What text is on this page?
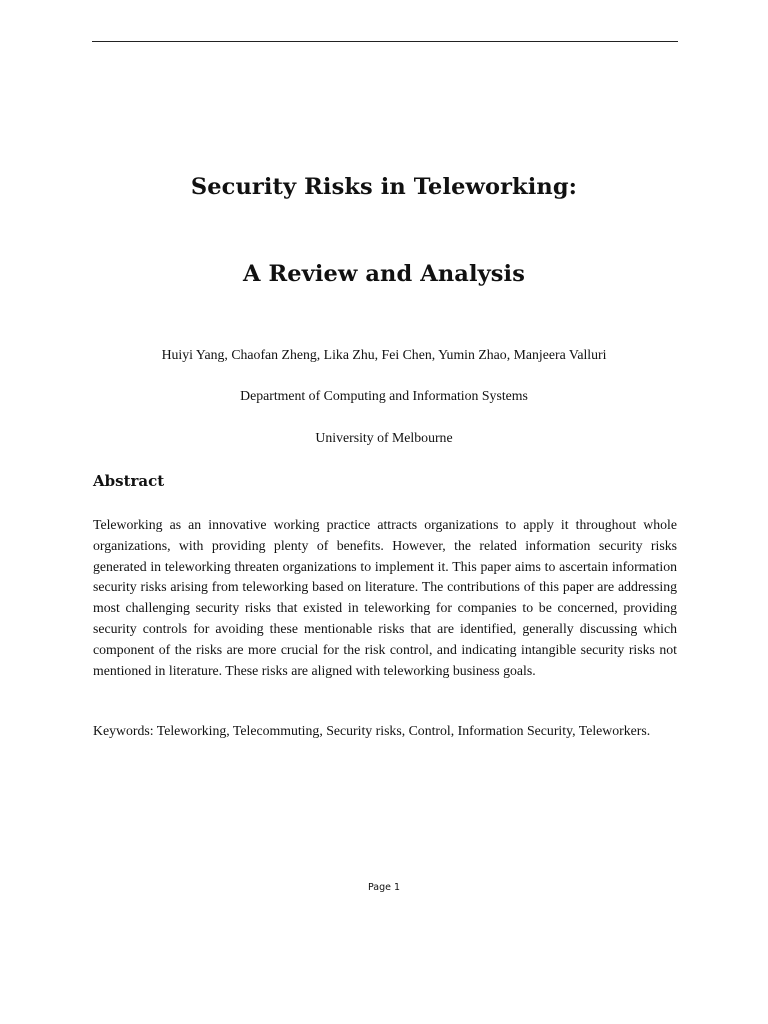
Security Risks in Teleworking:
A Review and Analysis
Huiyi Yang, Chaofan Zheng, Lika Zhu, Fei Chen, Yumin Zhao, Manjeera Valluri
Department of Computing and Information Systems
University of Melbourne
Abstract

Teleworking as an innovative working practice attracts organizations to apply it throughout whole organizations, with providing plenty of benefits. However, the related information security risks generated in teleworking threaten organizations to implement it. This paper aims to ascertain information security risks arising from teleworking based on literature. The contributions of this paper are addressing most challenging security risks that existed in teleworking for companies to be concerned, providing security controls for avoiding these mentionable risks that are identified, generally discussing which component of the risks are more crucial for the risk control, and indicating intangible security risks not mentioned in literature. These risks are aligned with teleworking business goals.

Keywords: Teleworking, Telecommuting, Security risks, Control, Information Security, Teleworkers.

Page 1
